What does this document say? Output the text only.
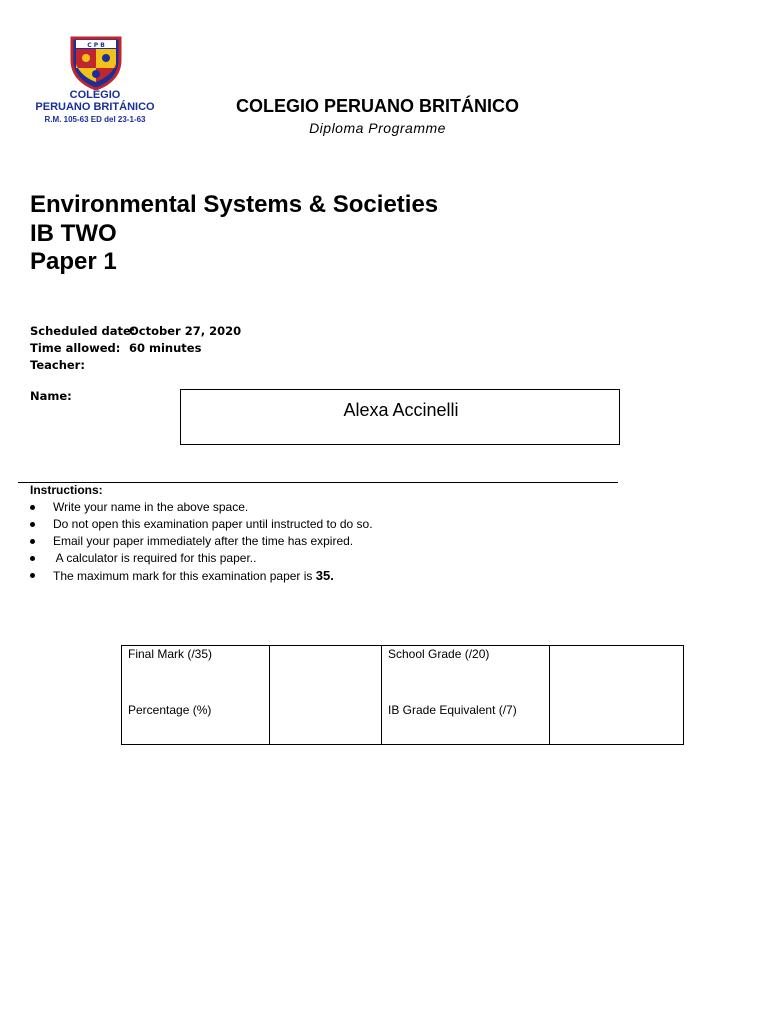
C P B
COLEGIO
PERUANO BRITÁNICO
R.M. 105-63 ED del 23-1-63
COLEGIO PERUANO BRITÁNICO
Diploma Programme
Environmental Systems & Societies
IB TWO
Paper 1
Scheduled date:
October 27, 2020
Time allowed: 60 minutes
Teacher:
Name:
Alexa Accinelli
Instructions:
Write your name in the above space.
Do not open this examination paper until instructed to do so.
Email your paper immediately after the time has expired.
A calculator is required for this paper..
The maximum mark for this examination paper is 35.
Final Mark (/35)
Percentage (%)
School Grade (/20)
IB Grade Equivalent (/7)
